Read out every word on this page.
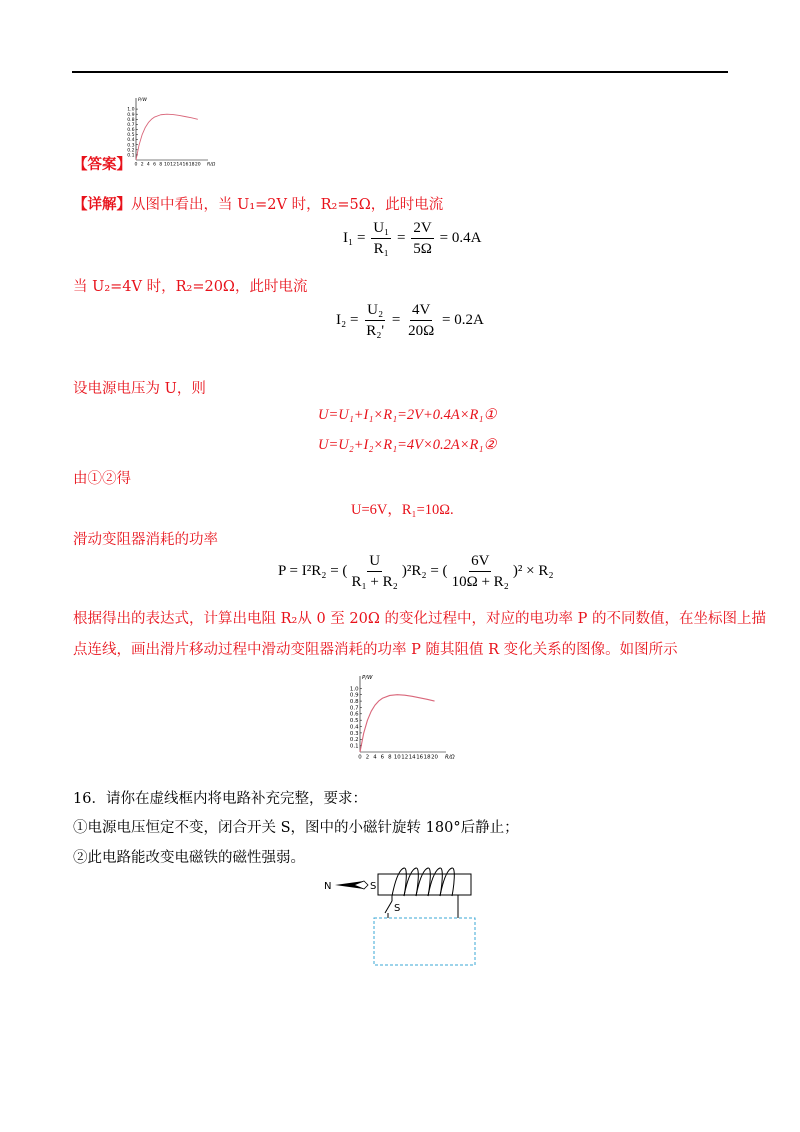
0.1
0.2
0.3
0.4
0.5
0.6
0.7
0.8
0.9
1.0
0 2 4 6 8 10 12 14 16 18 20 R/Ω
P/W
【答案】
【详解】从图中看出，当 U₁=2V 时，R₂=5Ω，此时电流
$I_1 = \frac{\text{U₁}}{\text{R₁}} = \frac{2V}{5\Omega} = 0.4A$
当 U₂=4V 时，R₂=20Ω，此时电流
$I_2 = \frac{\text{U₂}}{\text{R₂'}} = \frac{4V}{20\Omega} = 0.2A$
设电源电压为 U，则
U=U₁+I₁×R₁=2V+0.4A×R₁①
U=U₂+I₂×R₁=4V×0.2A×R₁②
由①②得
U=6V，R₁=10Ω.
滑动变阻器消耗的功率
P = I²R₂ = ( $\frac{U}{\text{R₁ + R₂}} )^2R_2$ = ( $\frac{6V}{\text{10Ω + R₂}} )^2 \times R_2$
根据得出的表达式，计算出电阻 R₂从 0 至 20Ω 的变化过程中，对应的电功率 P 的不同数值，在坐标图上描
点连线，画出滑片移动过程中滑动变阻器消耗的功率 P 随其阻值 R 变化关系的图像。如图所示
0.1
0.2
0.3
0.4
0.5
0.6
0.7
0.8
0.9
1.0
0 2 4 6 8 10 12 14 16 18 20 R/Ω
P/W
16．请你在虚线框内将电路补充完整，要求：
①电源电压恒定不变，闭合开关 S，图中的小磁针旋转 180°后静止；
②此电路能改变电磁铁的磁性强弱。
N	S
S
